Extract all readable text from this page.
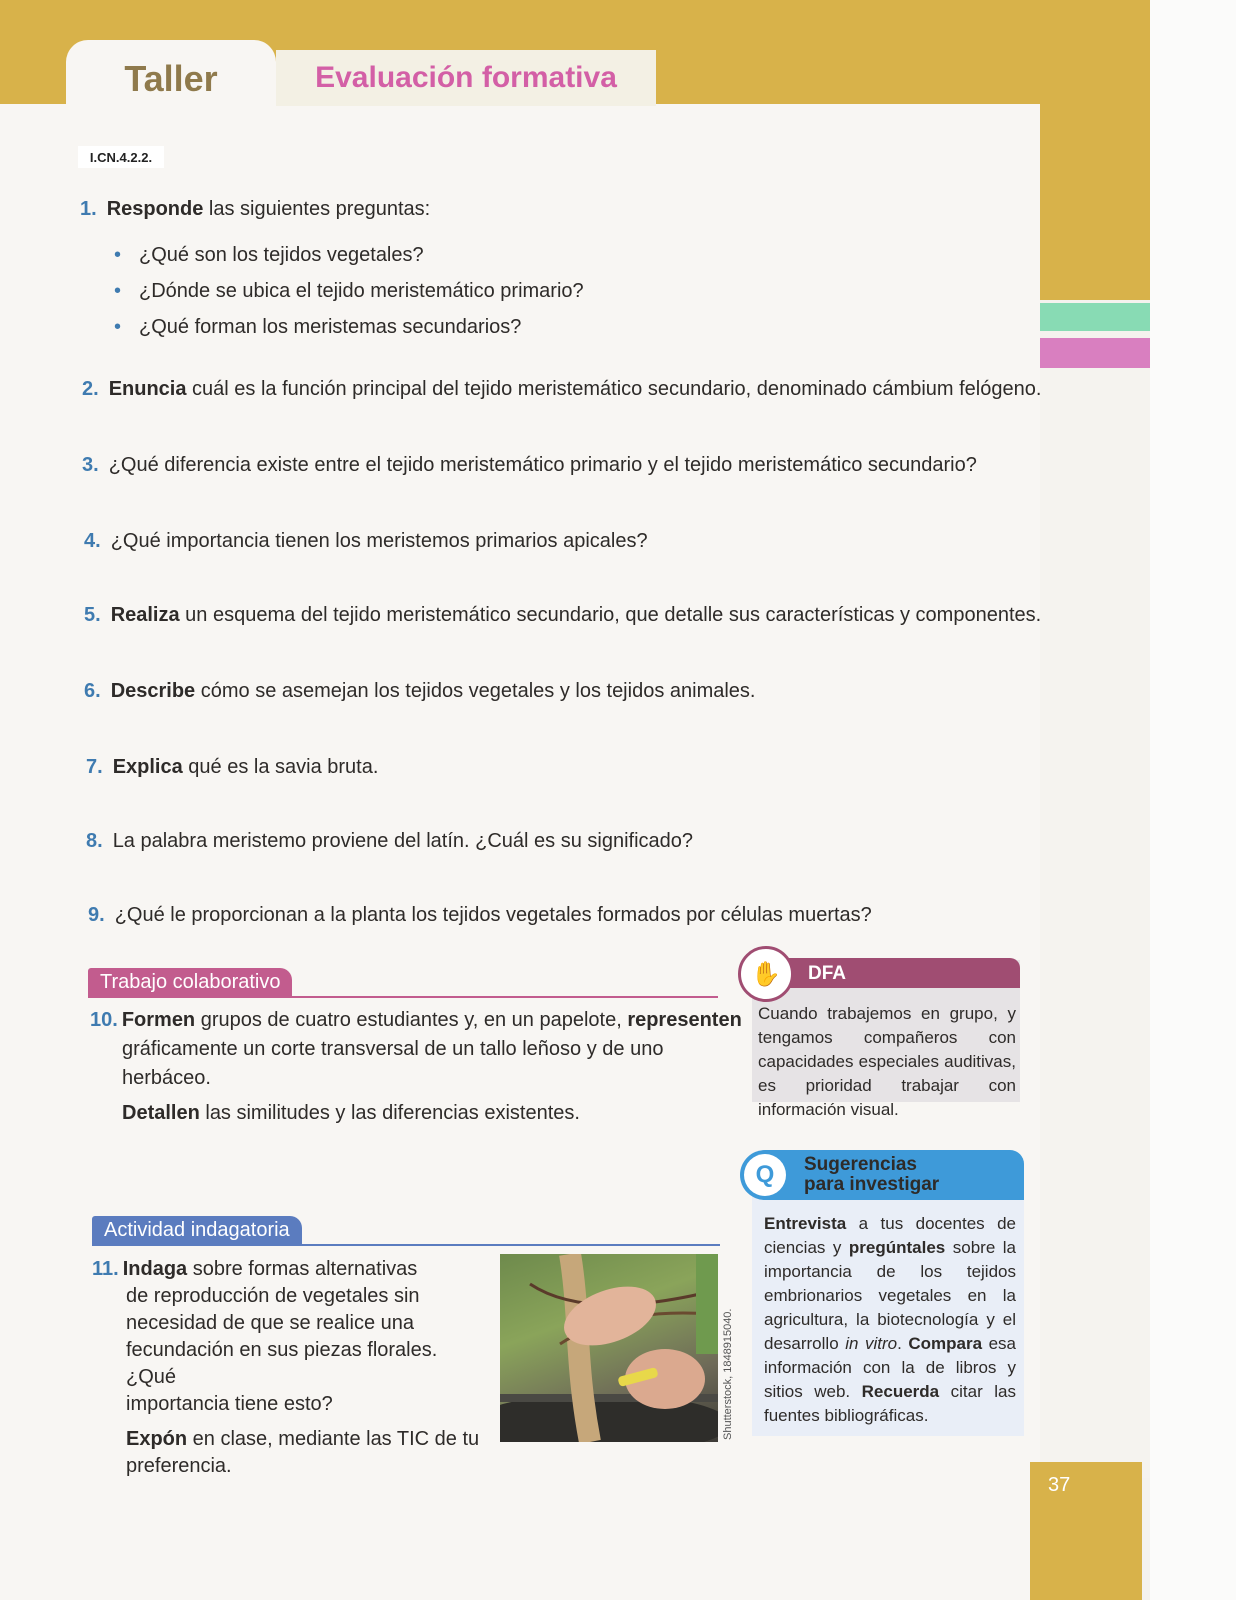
Taller	Evaluación formativa
I.CN.4.2.2.
1. Responde las siguientes preguntas:
• ¿Qué son los tejidos vegetales?
• ¿Dónde se ubica el tejido meristemático primario?
• ¿Qué forman los meristemas secundarios?
2. Enuncia cuál es la función principal del tejido meristemático secundario, denominado cámbium felógeno.
3. ¿Qué diferencia existe entre el tejido meristemático primario y el tejido meristemático secundario?
4. ¿Qué importancia tienen los meristemos primarios apicales?
5. Realiza un esquema del tejido meristemático secundario, que detalle sus características y componentes.
6. Describe cómo se asemejan los tejidos vegetales y los tejidos animales.
7. Explica qué es la savia bruta.
8. La palabra meristemo proviene del latín. ¿Cuál es su significado?
9. ¿Qué le proporcionan a la planta los tejidos vegetales formados por células muertas?
Trabajo colaborativo
10. Formen grupos de cuatro estudiantes y, en un papelote, representen
gráficamente un corte transversal de un tallo leñoso y de uno
herbáceo.
Detallen las similitudes y las diferencias existentes.
Actividad indagatoria
11. Indaga sobre formas alternativas
de reproducción de vegetales sin
necesidad de que se realice una
fecundación en sus piezas florales. ¿Qué
importancia tiene esto?
Expón en clase, mediante las TIC de tu
preferencia.
Shutterstock, 1848915040.
DFA
✋
Cuando trabajemos en grupo, y tengamos compañeros con capacidades especiales auditivas, es prioridad trabajar con información visual.
Q	Sugerencias
para investigar
Entrevista a tus docentes de ciencias y pregúntales sobre la importancia de los tejidos embrionarios vegetales en la agricultura, la biotecnología y el desarrollo in vitro. Compara esa información con la de libros y sitios web. Recuerda citar las fuentes bibliográficas.
37
